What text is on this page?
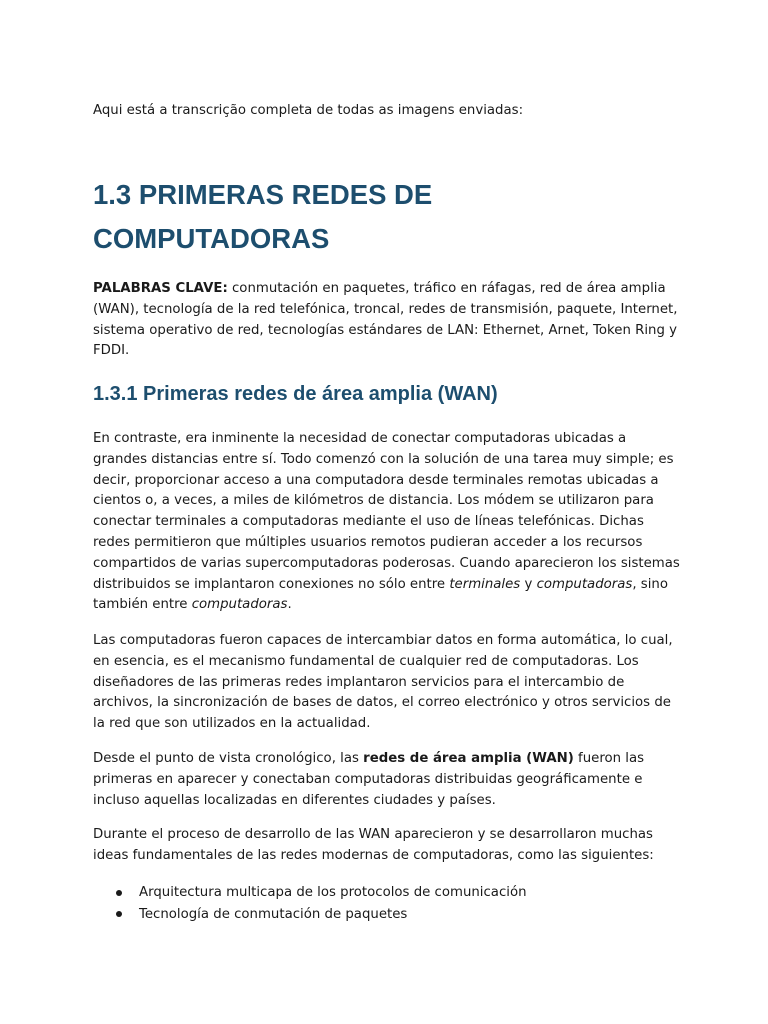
Aqui está a transcrição completa de todas as imagens enviadas:

1.3 PRIMERAS REDES DE
COMPUTADORAS

PALABRAS CLAVE: conmutación en paquetes, tráfico en ráfagas, red de área amplia (WAN), tecnología de la red telefónica, troncal, redes de transmisión, paquete, Internet, sistema operativo de red, tecnologías estándares de LAN: Ethernet, Arnet, Token Ring y FDDI.

1.3.1 Primeras redes de área amplia (WAN)

En contraste, era inminente la necesidad de conectar computadoras ubicadas a grandes distancias entre sí. Todo comenzó con la solución de una tarea muy simple; es decir, proporcionar acceso a una computadora desde terminales remotas ubicadas a cientos o, a veces, a miles de kilómetros de distancia. Los módem se utilizaron para conectar terminales a computadoras mediante el uso de líneas telefónicas. Dichas redes permitieron que múltiples usuarios remotos pudieran acceder a los recursos compartidos de varias supercomputadoras poderosas. Cuando aparecieron los sistemas distribuidos se implantaron conexiones no sólo entre terminales y computadoras, sino también entre computadoras.

Las computadoras fueron capaces de intercambiar datos en forma automática, lo cual, en esencia, es el mecanismo fundamental de cualquier red de computadoras. Los diseñadores de las primeras redes implantaron servicios para el intercambio de archivos, la sincronización de bases de datos, el correo electrónico y otros servicios de la red que son utilizados en la actualidad.

Desde el punto de vista cronológico, las redes de área amplia (WAN) fueron las primeras en aparecer y conectaban computadoras distribuidas geográficamente e incluso aquellas localizadas en diferentes ciudades y países.

Durante el proceso de desarrollo de las WAN aparecieron y se desarrollaron muchas ideas fundamentales de las redes modernas de computadoras, como las siguientes:

Arquitectura multicapa de los protocolos de comunicación
Tecnología de conmutación de paquetes
